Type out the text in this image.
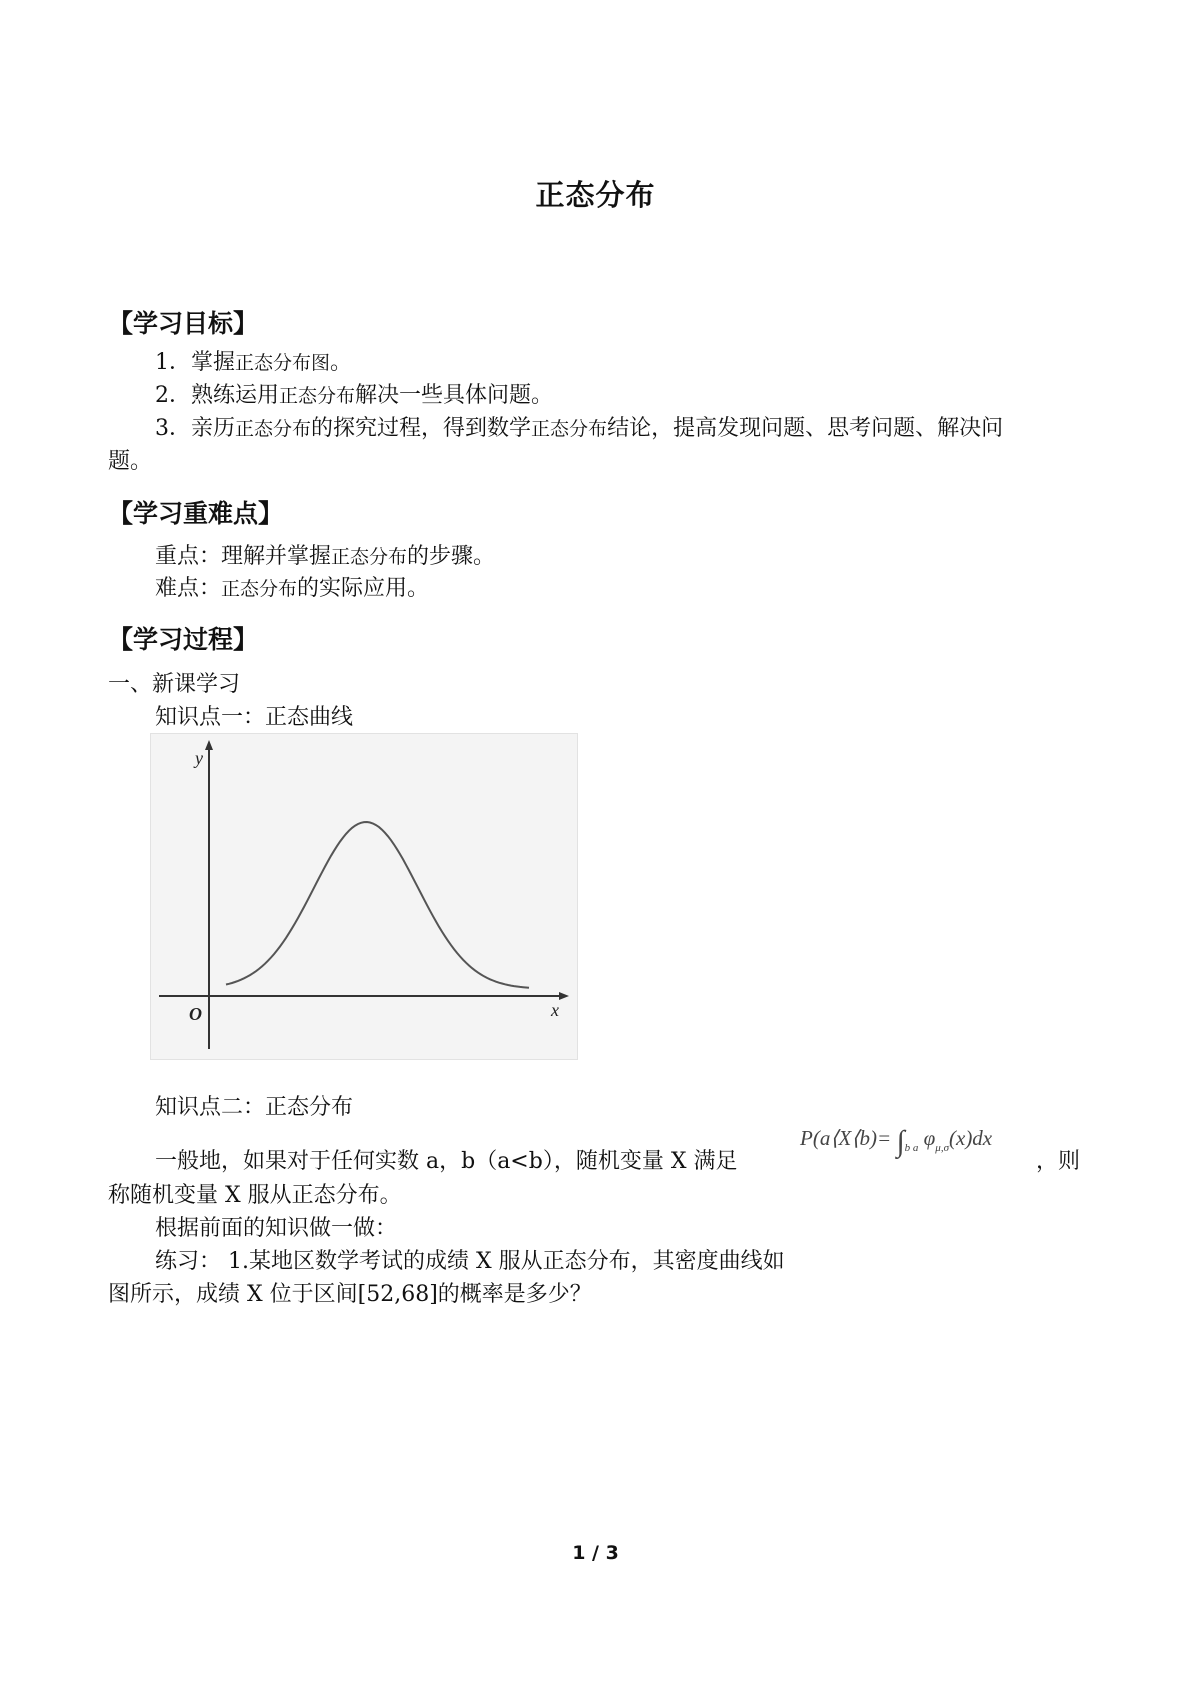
正态分布
【学习目标】
1．掌握正态分布图。
2．熟练运用正态分布解决一些具体问题。
3．亲历正态分布的探究过程，得到数学正态分布结论，提高发现问题、思考问题、解决问
题。
【学习重难点】
重点：理解并掌握正态分布的步骤。
难点：正态分布的实际应用。
【学习过程】
一、新课学习
知识点一：正态曲线
y
x
O
知识点二：正态分布
一般地，如果对于任何实数 a，b（a<b），随机变量 X 满足
P(a⟨X⟨b)= $\int_{b a}$ $\varphi_{\mu,\sigma}(x)dx$
，则
称随机变量 X 服从正态分布。
根据前面的知识做一做：
练习： 1.某地区数学考试的成绩 X 服从正态分布，其密度曲线如
图所示，成绩 X 位于区间[52,68]的概率是多少？
1 / 3
